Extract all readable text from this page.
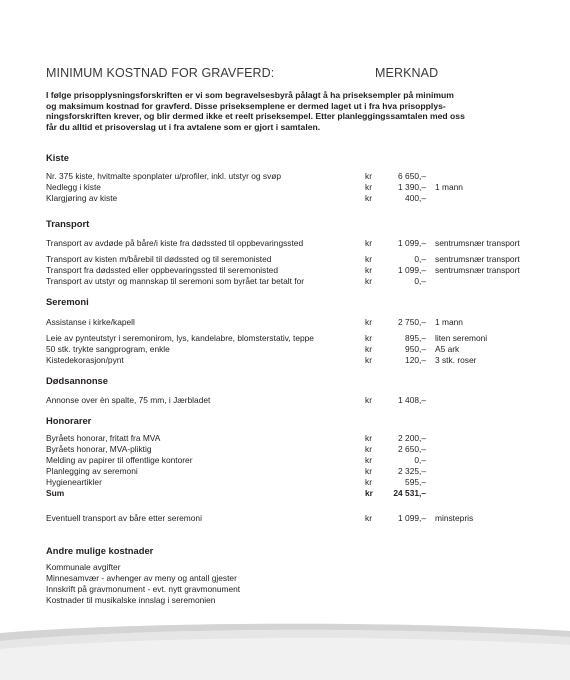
MINIMUM KOSTNAD FOR GRAVFERD:	MERKNAD
I følge prisopplysningsforskriften er vi som begravelsesbyrå pålagt å ha priseksempler på minimum
og maksimum kostnad for gravferd. Disse priseksemplene er dermed laget ut i fra hva prisopplys-
ningsforskriften krever, og blir dermed ikke et reelt priseksempel. Etter planleggingssamtalen med oss
får du alltid et prisoverslag ut i fra avtalene som er gjort i samtalen.
Kiste
Nr. 375 kiste, hvitmalte sponplater u/profiler, inkl. utstyr og svøp	kr	6 650,–
Nedlegg i kiste	kr	1 390,– 1 mann
Klargjøring av kiste	kr	400,–
Transport
Transport av avdøde på båre/i kiste fra dødssted til oppbevaringssted	kr	1 099,– sentrumsnær transport
Transport av kisten m/bårebil til dødssted og til seremonisted	kr	0,– sentrumsnær transport
Transport fra dødssted eller oppbevaringssted til seremonisted	kr	1 099,– sentrumsnær transport
Transport av utstyr og mannskap til seremoni som byrået tar betalt for	kr	0,–
Seremoni
Assistanse i kirke/kapell	kr	2 750,– 1 mann
Leie av pynteutstyr i seremonirom, lys, kandelabre, blomsterstativ, teppe	kr	895,– liten seremoni
50 stk. trykte sangprogram, enkle	kr	950,– A5 ark
Kistedekorasjon/pynt	kr	120,– 3 stk. roser
Dødsannonse
Annonse over èn spalte, 75 mm, i Jærbladet	kr	1 408,–
Honorarer
Byråets honorar, fritatt fra MVA	kr	2 200,–
Byråets honorar, MVA-pliktig	kr	2 650,–
Melding av papirer til offentlige kontorer	kr	0,–
Planlegging av seremoni	kr	2 325,–
Hygieneartikler	kr	595,–
Sum	kr	24 531,–
Eventuell transport av båre etter seremoni	kr	1 099,– minstepris
Andre mulige kostnader
Kommunale avgifter
Minnesamvær - avhenger av meny og antall gjester
Innskrift på gravmonument - evt. nytt gravmonument
Kostnader til musikalske innslag i seremonien
